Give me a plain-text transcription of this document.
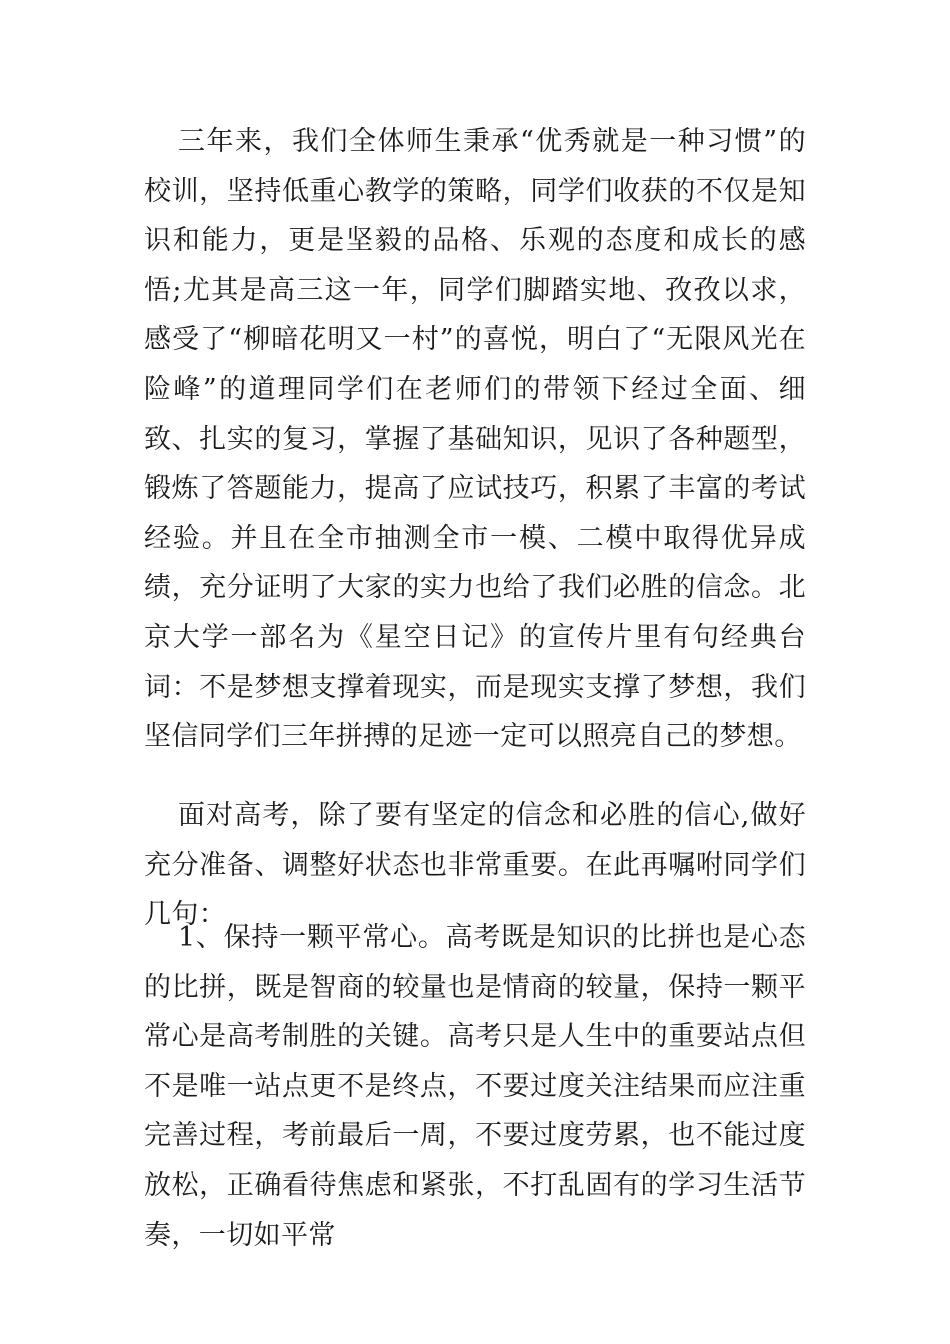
三年来，我们全体师生秉承“优秀就是一种习惯”的校训，坚持低重心教学的策略，同学们收获的不仅是知识和能力，更是坚毅的品格、乐观的态度和成长的感悟;尤其是高三这一年，同学们脚踏实地、孜孜以求，感受了“柳暗花明又一村”的喜悦，明白了“无限风光在险峰”的道理同学们在老师们的带领下经过全面、细致、扎实的复习，掌握了基础知识，见识了各种题型，锻炼了答题能力，提高了应试技巧，积累了丰富的考试经验。并且在全市抽测全市一模、二模中取得优异成绩，充分证明了大家的实力也给了我们必胜的信念。北京大学一部名为《星空日记》的宣传片里有句经典台词：不是梦想支撑着现实，而是现实支撑了梦想，我们坚信同学们三年拼搏的足迹一定可以照亮自己的梦想。

面对高考，除了要有坚定的信念和必胜的信心,做好充分准备、调整好状态也非常重要。在此再嘱咐同学们几句：

1、保持一颗平常心。高考既是知识的比拼也是心态的比拼，既是智商的较量也是情商的较量，保持一颗平常心是高考制胜的关键。高考只是人生中的重要站点但不是唯一站点更不是终点，不要过度关注结果而应注重完善过程，考前最后一周，不要过度劳累，也不能过度放松，正确看待焦虑和紧张，不打乱固有的学习生活节奏，一切如平常
